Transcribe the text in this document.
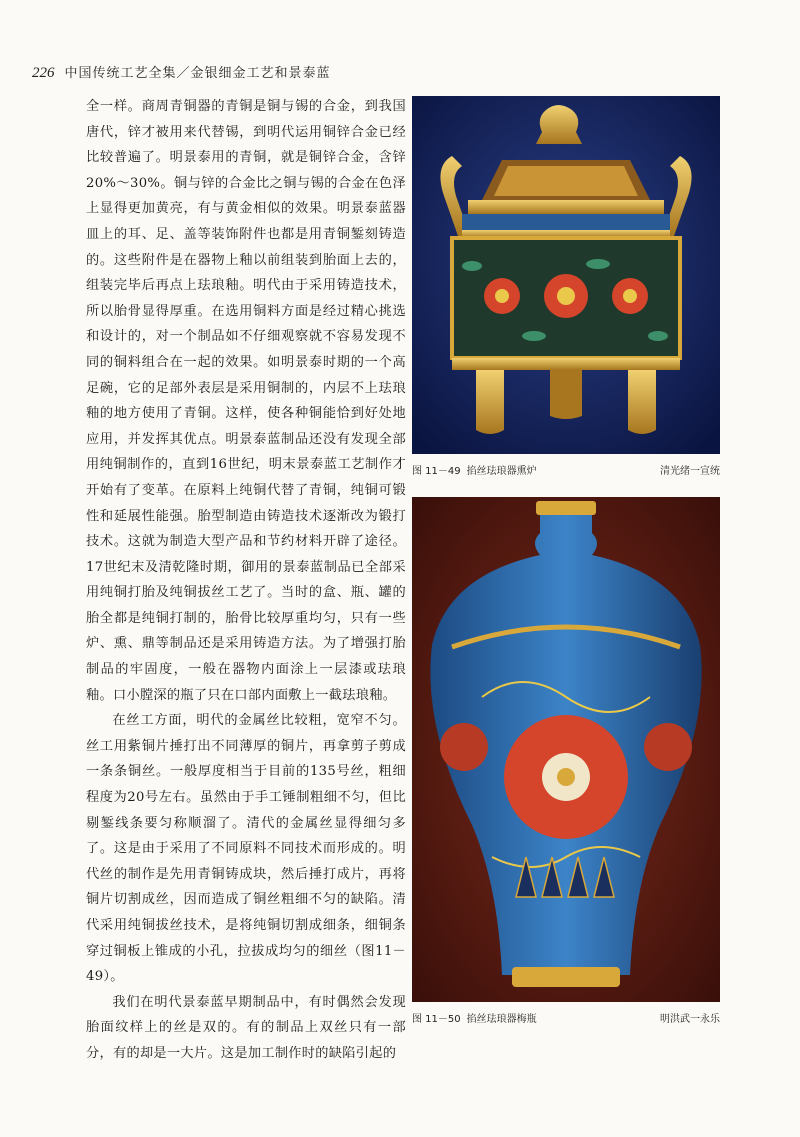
226 中国传统工艺全集／金银细金工艺和景泰蓝

全一样。商周青铜器的青铜是铜与锡的合金，到我国唐代，锌才被用来代替锡，到明代运用铜锌合金已经比较普遍了。明景泰用的青铜，就是铜锌合金，含锌20%～30%。铜与锌的合金比之铜与锡的合金在色泽上显得更加黄亮，有与黄金相似的效果。明景泰蓝器皿上的耳、足、盖等装饰附件也都是用青铜錾刻铸造的。这些附件是在器物上釉以前组装到胎面上去的，组装完毕后再点上珐琅釉。明代由于采用铸造技术，所以胎骨显得厚重。在选用铜料方面是经过精心挑选和设计的，对一个制品如不仔细观察就不容易发现不同的铜料组合在一起的效果。如明景泰时期的一个高足碗，它的足部外表层是采用铜制的，内层不上珐琅釉的地方使用了青铜。这样，使各种铜能恰到好处地应用，并发挥其优点。明景泰蓝制品还没有发现全部用纯铜制作的，直到16世纪，明末景泰蓝工艺制作才开始有了变革。在原料上纯铜代替了青铜，纯铜可锻性和延展性能强。胎型制造由铸造技术逐渐改为锻打技术。这就为制造大型产品和节约材料开辟了途径。17世纪末及清乾隆时期，御用的景泰蓝制品已全部采用纯铜打胎及纯铜拔丝工艺了。当时的盒、瓶、罐的胎全都是纯铜打制的，胎骨比较厚重均匀，只有一些炉、熏、鼎等制品还是采用铸造方法。为了增强打胎制品的牢固度，一般在器物内面涂上一层漆或珐琅釉。口小膛深的瓶了只在口部内面敷上一截珐琅釉。

在丝工方面，明代的金属丝比较粗，宽窄不匀。丝工用紫铜片捶打出不同薄厚的铜片，再拿剪子剪成一条条铜丝。一般厚度相当于目前的135号丝，粗细程度为20号左右。虽然由于手工锤制粗细不匀，但比剔錾线条要匀称顺溜了。清代的金属丝显得细匀多了。这是由于采用了不同原料不同技术而形成的。明代丝的制作是先用青铜铸成块，然后捶打成片，再将铜片切割成丝，因而造成了铜丝粗细不匀的缺陷。清代采用纯铜拔丝技术，是将纯铜切割成细条，细铜条穿过铜板上锥成的小孔，拉拔成均匀的细丝（图11－49）。

我们在明代景泰蓝早期制品中，有时偶然会发现胎面纹样上的丝是双的。有的制品上双丝只有一部分，有的却是一大片。这是加工制作时的缺陷引起的

图 11－49 掐丝珐琅器熏炉	清光绪一宣统
图 11－50 掐丝珐琅器梅瓶	明洪武一永乐
